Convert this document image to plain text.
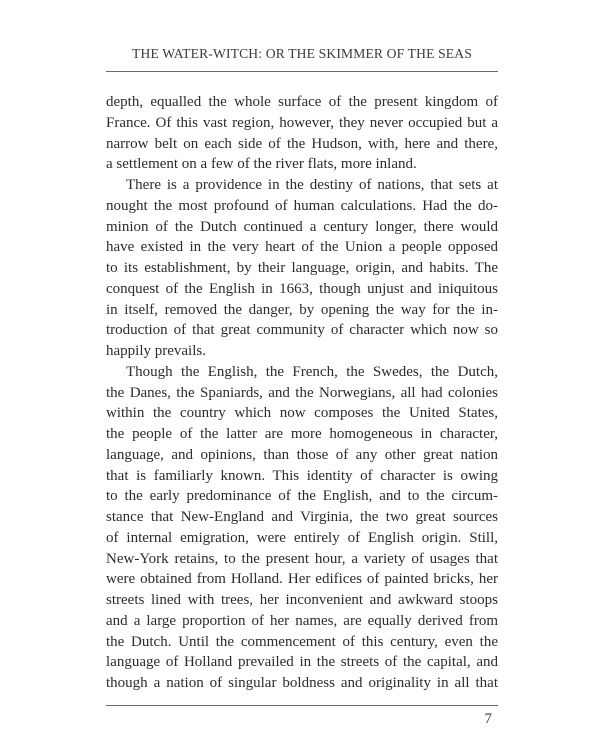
THE WATER-WITCH: OR THE SKIMMER OF THE SEAS
depth, equalled the whole surface of the present kingdom of
France. Of this vast region, however, they never occupied but a
narrow belt on each side of the Hudson, with, here and there,
a settlement on a few of the river flats, more inland.
There is a providence in the destiny of nations, that sets at
nought the most profound of human calculations. Had the do-
minion of the Dutch continued a century longer, there would
have existed in the very heart of the Union a people opposed
to its establishment, by their language, origin, and habits. The
conquest of the English in 1663, though unjust and iniquitous
in itself, removed the danger, by opening the way for the in-
troduction of that great community of character which now so
happily prevails.
Though the English, the French, the Swedes, the Dutch,
the Danes, the Spaniards, and the Norwegians, all had colonies
within the country which now composes the United States,
the people of the latter are more homogeneous in character,
language, and opinions, than those of any other great nation
that is familiarly known. This identity of character is owing
to the early predominance of the English, and to the circum-
stance that New-England and Virginia, the two great sources
of internal emigration, were entirely of English origin. Still,
New-York retains, to the present hour, a variety of usages that
were obtained from Holland. Her edifices of painted bricks, her
streets lined with trees, her inconvenient and awkward stoops
and a large proportion of her names, are equally derived from
the Dutch. Until the commencement of this century, even the
language of Holland prevailed in the streets of the capital, and
though a nation of singular boldness and originality in all that
7
